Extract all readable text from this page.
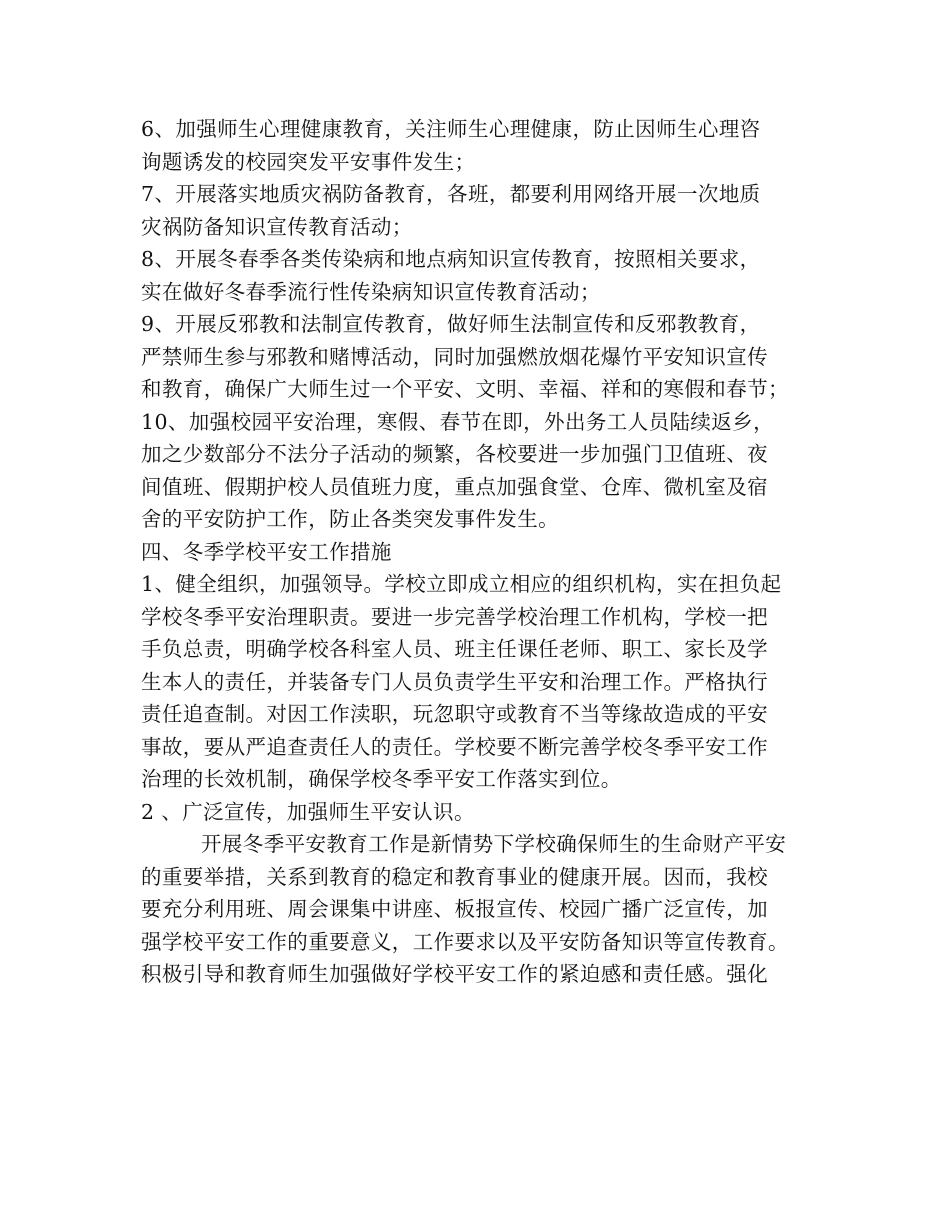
6、加强师生心理健康教育，关注师生心理健康，防止因师生心理咨
询题诱发的校园突发平安事件发生；
7、开展落实地质灾祸防备教育，各班，都要利用网络开展一次地质
灾祸防备知识宣传教育活动；
8、开展冬春季各类传染病和地点病知识宣传教育，按照相关要求，
实在做好冬春季流行性传染病知识宣传教育活动；
9、开展反邪教和法制宣传教育，做好师生法制宣传和反邪教教育，
严禁师生参与邪教和赌博活动，同时加强燃放烟花爆竹平安知识宣传
和教育，确保广大师生过一个平安、文明、幸福、祥和的寒假和春节；
10、加强校园平安治理，寒假、春节在即，外出务工人员陆续返乡，
加之少数部分不法分子活动的频繁，各校要进一步加强门卫值班、夜
间值班、假期护校人员值班力度，重点加强食堂、仓库、微机室及宿
舍的平安防护工作，防止各类突发事件发生。
四、冬季学校平安工作措施
1、健全组织，加强领导。学校立即成立相应的组织机构，实在担负起
学校冬季平安治理职责。要进一步完善学校治理工作机构，学校一把
手负总责，明确学校各科室人员、班主任课任老师、职工、家长及学
生本人的责任，并装备专门人员负责学生平安和治理工作。严格执行
责任追查制。对因工作渎职，玩忽职守或教育不当等缘故造成的平安
事故，要从严追查责任人的责任。学校要不断完善学校冬季平安工作
治理的长效机制，确保学校冬季平安工作落实到位。
2 、广泛宣传，加强师生平安认识。
开展冬季平安教育工作是新情势下学校确保师生的生命财产平安
的重要举措，关系到教育的稳定和教育事业的健康开展。因而，我校
要充分利用班、周会课集中讲座、板报宣传、校园广播广泛宣传，加
强学校平安工作的重要意义，工作要求以及平安防备知识等宣传教育。
积极引导和教育师生加强做好学校平安工作的紧迫感和责任感。强化
